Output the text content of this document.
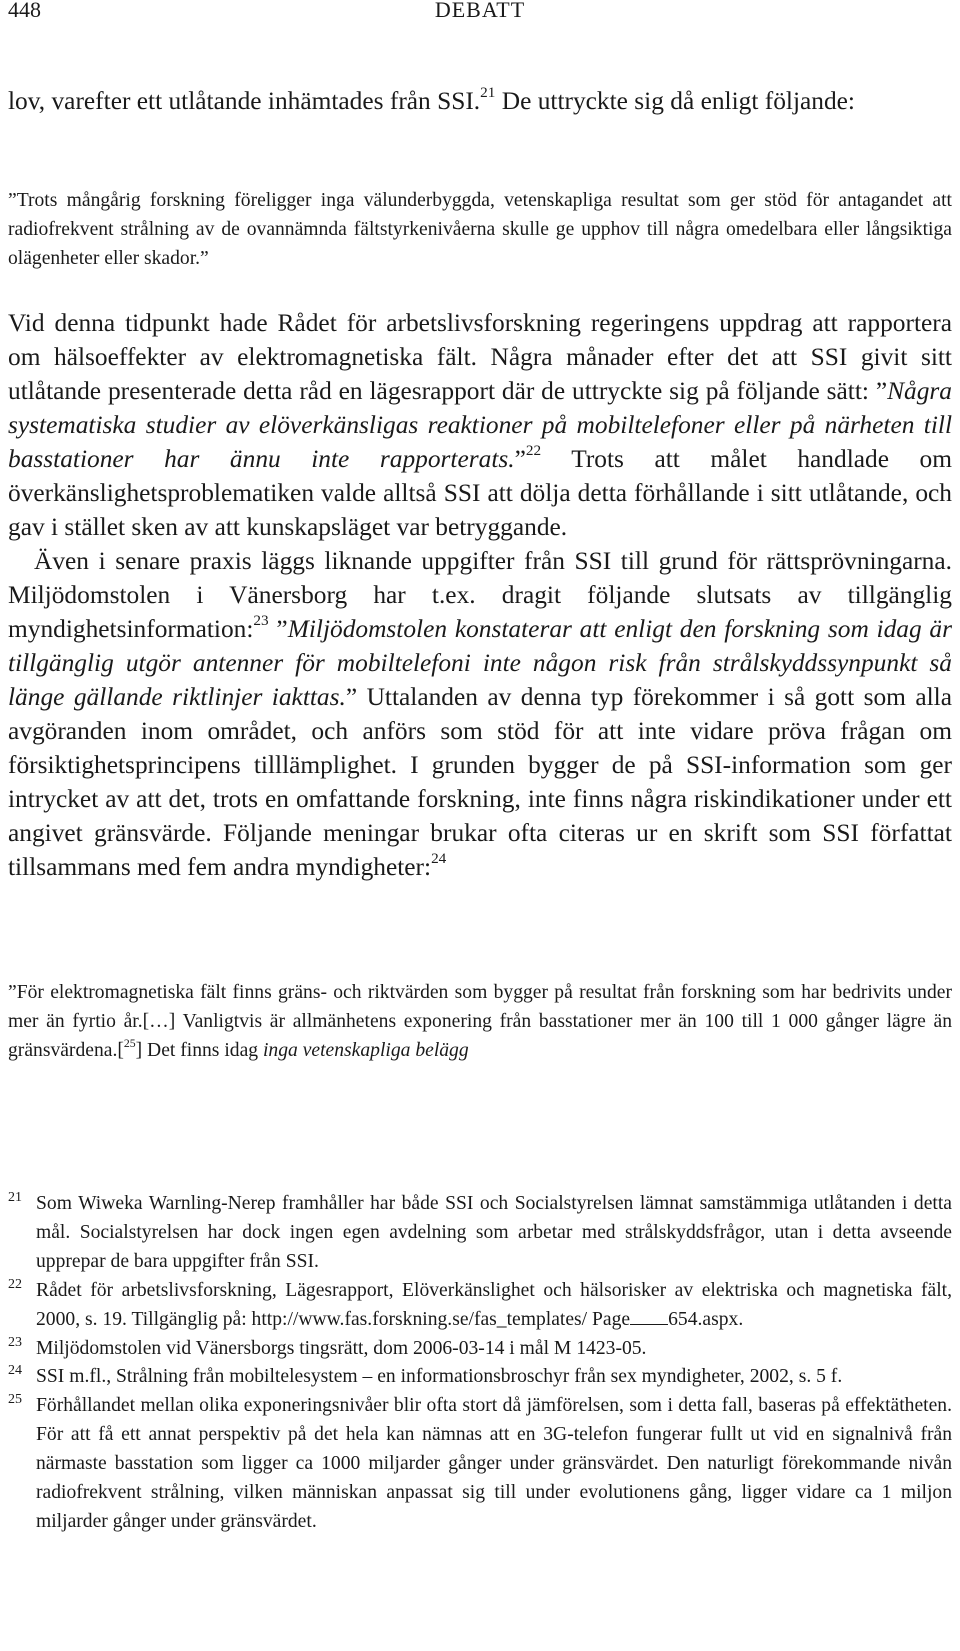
448	DEBATT

lov, varefter ett utlåtande inhämtades från SSI.$^{21}$ De uttryckte sig då enligt följande:

”Trots mångårig forskning föreligger inga välunderbyggda, vetenskapliga resultat som ger stöd för antagandet att radiofrekvent strålning av de ovannämnda fältstyrkenivåerna skulle ge upphov till några omedelbara eller långsiktiga olägenheter eller skador.”

Vid denna tidpunkt hade Rådet för arbetslivsforskning regeringens uppdrag att rapportera om hälsoeffekter av elektromagnetiska fält. Några månader efter det att SSI givit sitt utlåtande presenterade detta råd en lägesrapport där de uttryckte sig på följande sätt: ”Några systematiska studier av elöverkänsligas reaktioner på mobiltelefoner eller på närheten till basstationer har ännu inte rapporterats.”$^{22}$ Trots att målet handlade om överkänslighetsproblematiken valde alltså SSI att dölja detta förhållande i sitt utlåtande, och gav i stället sken av att kunskapsläget var betryggande.

Även i senare praxis läggs liknande uppgifter från SSI till grund för rättsprövningarna. Miljödomstolen i Vänersborg har t.ex. dragit följande slutsats av tillgänglig myndighetsinformation:$^{23}$ ”Miljödomstolen konstaterar att enligt den forskning som idag är tillgänglig utgör antenner för mobiltelefoni inte någon risk från strålskyddssynpunkt så länge gällande riktlinjer iakttas.” Uttalanden av denna typ förekommer i så gott som alla avgöranden inom området, och anförs som stöd för att inte vidare pröva frågan om försiktighetsprincipens tilllämplighet. I grunden bygger de på SSI-information som ger intrycket av att det, trots en omfattande forskning, inte finns några riskindikationer under ett angivet gränsvärde. Följande meningar brukar ofta citeras ur en skrift som SSI författat tillsammans med fem andra myndigheter:$^{24}$

”För elektromagnetiska fält finns gräns- och riktvärden som bygger på resultat från forskning som har bedrivits under mer än fyrtio år.[…] Vanligtvis är allmänhetens exponering från basstationer mer än 100 till 1 000 gånger lägre än gränsvärdena.[$^{25}$] Det finns idag inga vetenskapliga belägg

21 Som Wiweka Warnling-Nerep framhåller har både SSI och Socialstyrelsen lämnat samstämmiga utlåtanden i detta mål. Socialstyrelsen har dock ingen egen avdelning som arbetar med strålskyddsfrågor, utan i detta avseende upprepar de bara uppgifter från SSI.
22 Rådet för arbetslivsforskning, Lägesrapport, Elöverkänslighet och hälsorisker av elektriska och magnetiska fält, 2000, s. 19. Tillgänglig på: http://www.fas.forskning.se/fas_templates/ Page 654.aspx.
23 Miljödomstolen vid Vänersborgs tingsrätt, dom 2006-03-14 i mål M 1423-05.
24 SSI m.fl., Strålning från mobiltelesystem – en informationsbroschyr från sex myndigheter, 2002, s. 5 f.
25 Förhållandet mellan olika exponeringsnivåer blir ofta stort då jämförelsen, som i detta fall, baseras på effektätheten. För att få ett annat perspektiv på det hela kan nämnas att en 3G-telefon fungerar fullt ut vid en signalnivå från närmaste basstation som ligger ca 1000 miljarder gånger under gränsvärdet. Den naturligt förekommande nivån radiofrekvent strålning, vilken människan anpassat sig till under evolutionens gång, ligger vidare ca 1 miljon miljarder gånger under gränsvärdet.
